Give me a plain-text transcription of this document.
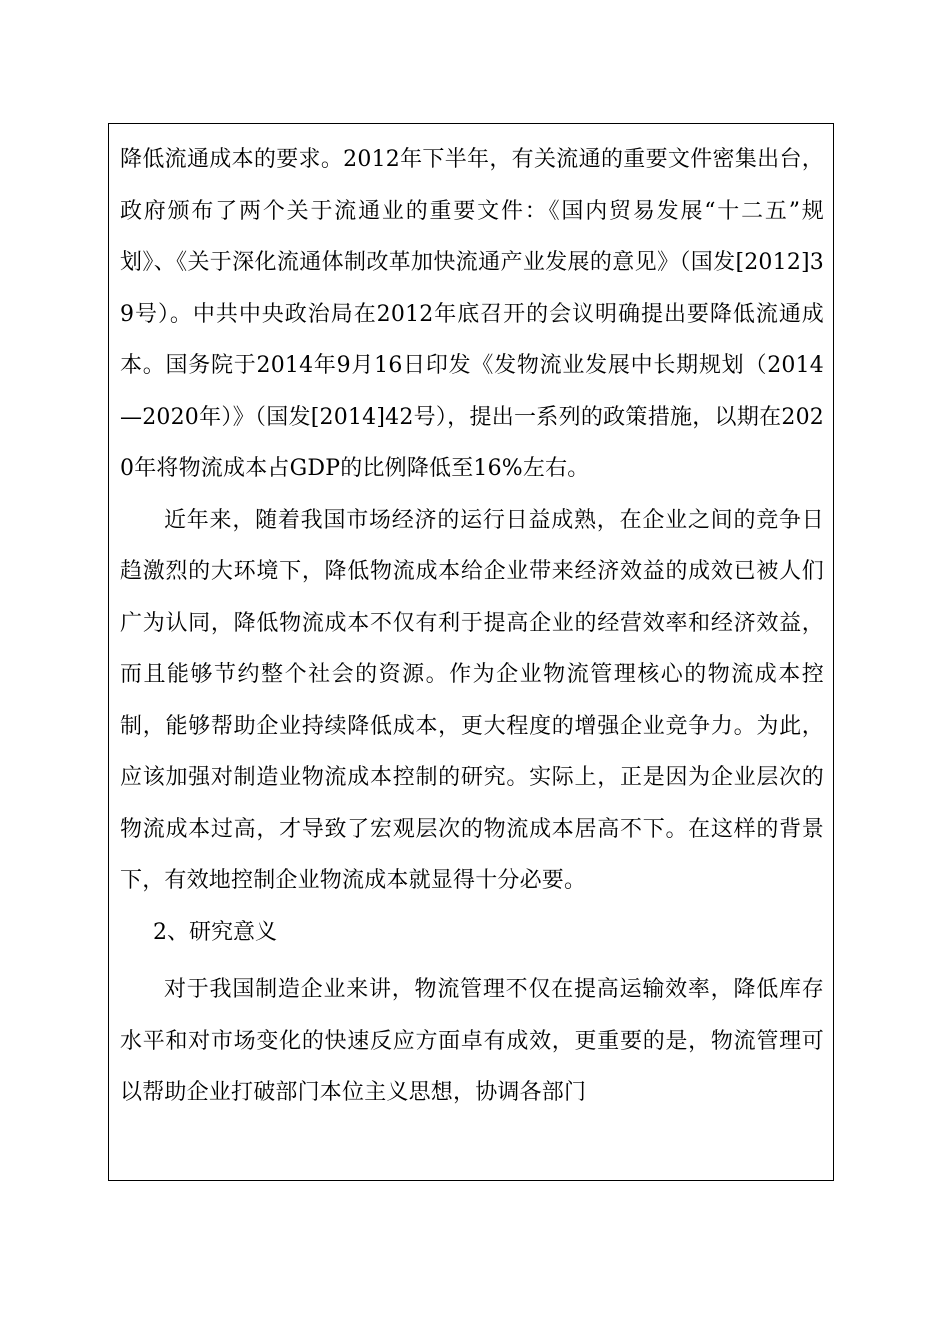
降低流通成本的要求。2012年下半年，有关流通的重要文件密集出台，政府颁布了两个关于流通业的重要文件：《国内贸易发展“十二五”规划》、《关于深化流通体制改革加快流通产业发展的意见》（国发[2012]39号）。中共中央政治局在2012年底召开的会议明确提出要降低流通成本。国务院于2014年9月16日印发《发物流业发展中长期规划（2014—2020年）》（国发[2014]42号），提出一系列的政策措施，以期在2020年将物流成本占GDP的比例降低至16%左右。

近年来，随着我国市场经济的运行日益成熟，在企业之间的竞争日趋激烈的大环境下，降低物流成本给企业带来经济效益的成效已被人们广为认同，降低物流成本不仅有利于提高企业的经营效率和经济效益，而且能够节约整个社会的资源。作为企业物流管理核心的物流成本控制，能够帮助企业持续降低成本，更大程度的增强企业竞争力。为此，应该加强对制造业物流成本控制的研究。实际上，正是因为企业层次的物流成本过高，才导致了宏观层次的物流成本居高不下。在这样的背景下，有效地控制企业物流成本就显得十分必要。

2、研究意义

对于我国制造企业来讲，物流管理不仅在提高运输效率，降低库存水平和对市场变化的快速反应方面卓有成效，更重要的是，物流管理可以帮助企业打破部门本位主义思想，协调各部门
